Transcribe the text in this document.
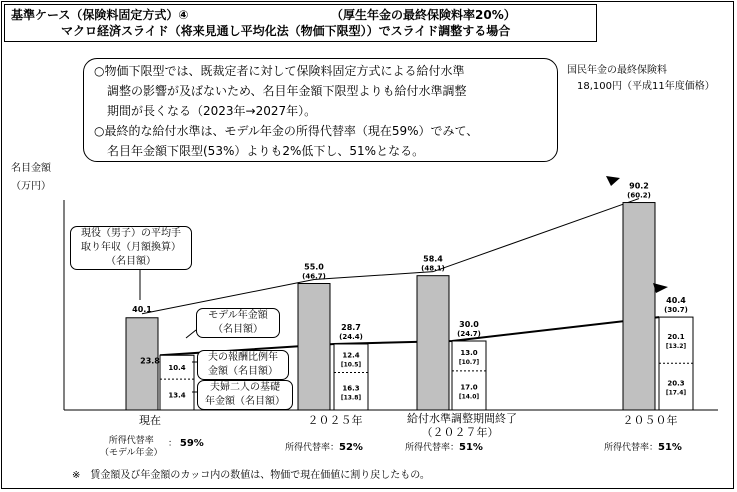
基準ケース（保険料固定方式）④	（厚生年金の最終保険料率20%）
マクロ経済スライド（将来見通し平均化法（物価下限型））でスライド調整する場合

○物価下限型では、既裁定者に対して保険料固定方式による給付水準

調整の影響が及ばないため、名目年金額下限型よりも給付水準調整

期間が長くなる（2023年→2027年）。

○最終的な給付水準は、モデル年金の所得代替率（現在59%）でみて、

名目年金額下限型(53%）よりも2%低下し、51%となる。

国民年金の最終保険料
18,100円（平成11年度価格）
名目金額
（万円）
40.1
55.0
(46.7)
58.4
(48.1)
90.2
(60.2)
23.8
10.4
13.4
28.7
(24.4)
12.4
[10.5]
16.3
[13.8]
30.0
(24.7)
13.0
[10.7]
17.0
[14.0]
40.4
(30.7)
20.1
[13.2]
20.3
[17.4]
現役（男子）の平均手
取り年収（月額換算）
（名目額）
モデル年金額
（名目額）
夫の報酬比例年
金額（名目額）
夫婦二人の基礎
年金額（名目額）
現在	２０２５年	給付水準調整期間終了
（２０２７年）
２０５０年
所得代替率
（モデル年金）
： 59%	所得代替率：52%	所得代替率：51%	所得代替率：51%
※　賃金額及び年金額のカッコ内の数値は、物価で現在価値に割り戻したもの。
